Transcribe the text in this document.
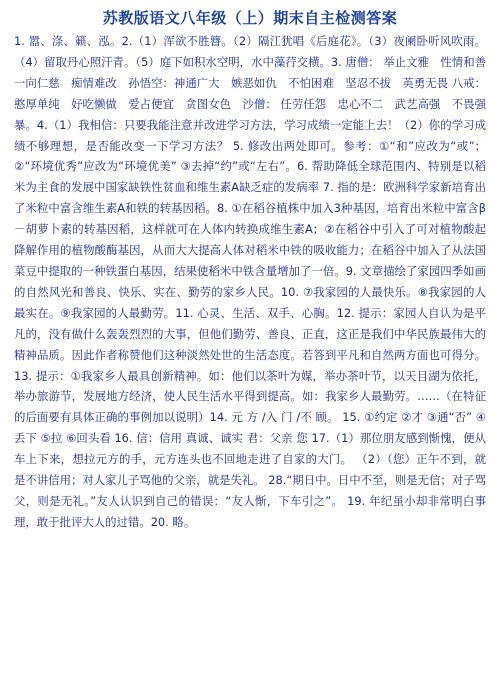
苏教版语文八年级（上）期末自主检测答案

1. 嚣、涤、籁、泓。2.（1）浑欲不胜簪。（2）隔江犹唱《后庭花》。（3）夜阑卧听风吹雨。（4）留取丹心照汗青。（5）庭下如积水空明，水中藻荇交横。3. 唐僧： 举止文雅　性情和善　一向仁慈　痴情难改　孙悟空：神通广大　嫉恶如仇　不怕困难　坚忍不拔　英勇无畏 八戒： 憨厚单纯　好吃懒做　爱占便宜　贪图女色　沙僧： 任劳任怨　忠心不二　武艺高强　不畏强暴。4.（1）我相信：只要我能注意并改进学习方法，学习成绩一定能上去！（2）你的学习成绩不够理想，是否能改变一下学习方法？ 5. 修改出两处即可。参考：①“和”应改为“或”；②“环境优秀”应改为“环境优美” ③去掉“约”或“左右”。6. 帮助降低全球范围内、特别是以稻米为主食的发展中国家缺铁性贫血和维生素A缺乏症的发病率 7. 指的是：欧洲科学家新培育出了米粒中富含维生素A和铁的转基因稻。8. ①在稻谷植株中加入3种基因，培育出米粒中富含β－胡萝卜素的转基因稻，这样就可在人体内转换成维生素A；②在稻谷中引入了可对植物酸起降解作用的植物酸酶基因，从而大大提高人体对稻米中铁的吸收能力；在稻谷中加入了从法国菜豆中提取的一种铁蛋白基因，结果使稻米中铁含量增加了一倍。9. 文章描绘了家园四季如画的自然风光和善良、快乐、实在、勤劳的家乡人民。10. ⑦我家园的人最快乐。⑧我家园的人最实在。⑨我家园的人最勤劳。11. 心灵、生活、双手、心胸。12. 提示：家园人自认为是平凡的，没有做什么轰轰烈烈的大事，但他们勤劳、善良、正直，这正是我们中华民族最伟大的精神品质。因此作者称赞他们这种淡然处世的生活态度。若答到平凡和自然两方面也可得分。13. 提示：①我家乡人最具创新精神。如：他们以茶叶为媒，举办茶叶节，以天目湖为依托，举办旅游节，发展地方经济，使人民生活水平得到提高。如：我家乡人最勤劳。……（在特征的后面要有具体正确的事例加以说明）14. 元 方 /入 门 /不 顾。 15. ①约定 ②才 ③通“否” ④丢下 ⑤拉 ⑥回头看 16. 信：信用 真诚、诚实 君：父亲 您 17.（1）那位朋友感到惭愧，便从车上下来，想拉元方的手，元方连头也不回地走进了自家的大门。 （2）（您）正午不到，就是不讲信用；对人家儿子骂他的父亲，就是失礼。 28.“期日中。日中不至，则是无信；对子骂父，则是无礼。”友人认识到自己的错误：“友人惭，下车引之”。 19. 年纪虽小却非常明白事理，敢于批评大人的过错。20. 略。
